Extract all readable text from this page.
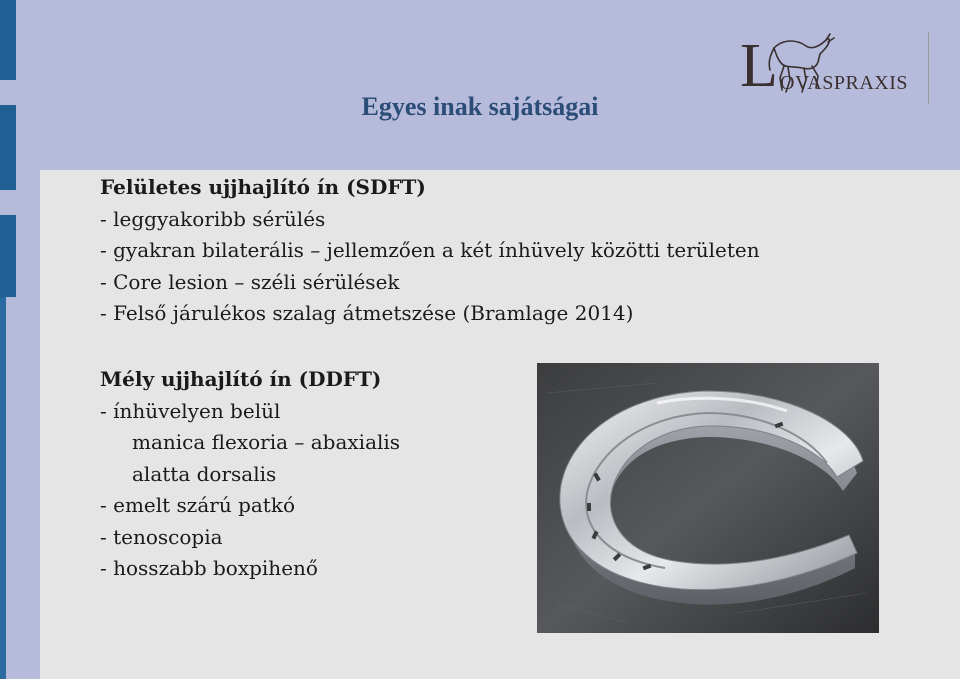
Egyes inak sajátságai
L OVASPRAXIS
Felületes ujjhajlító ín (SDFT)
- leggyakoribb sérülés
- gyakran bilaterális – jellemzően a két ínhüvely közötti területen
- Core lesion – széli sérülések
- Felső járulékos szalag átmetszése (Bramlage 2014)
Mély ujjhajlító ín (DDFT)
- ínhüvelyen belül
manica flexoria – abaxialis
alatta dorsalis
- emelt szárú patkó
- tenoscopia
- hosszabb boxpihenő
